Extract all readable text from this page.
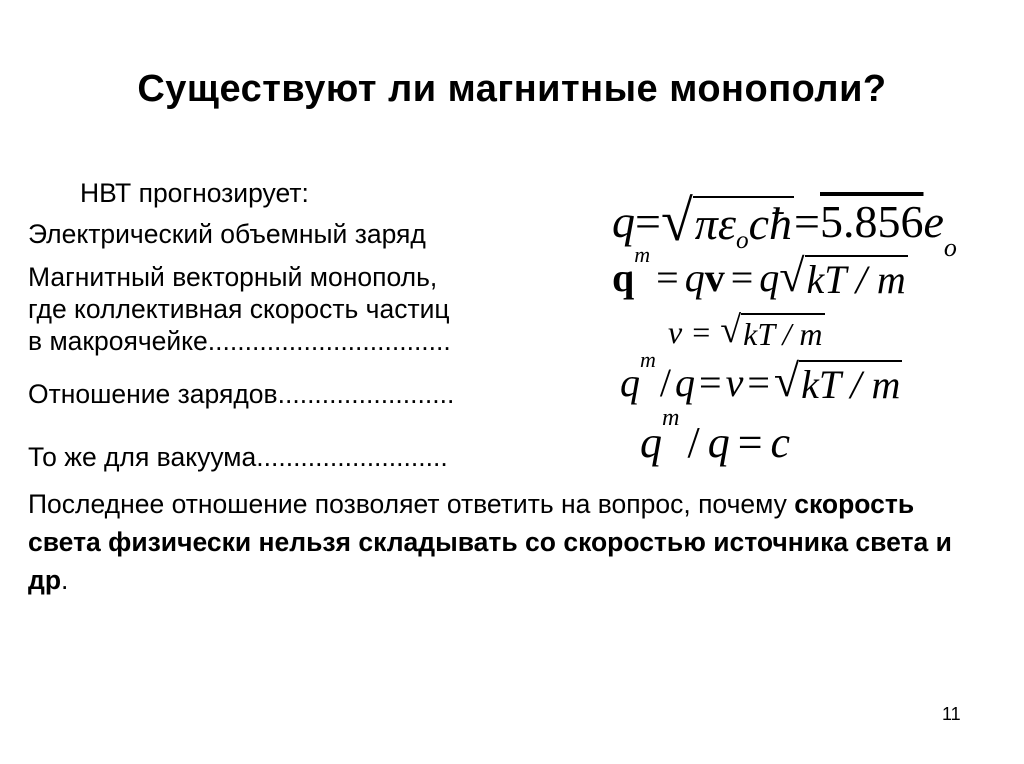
Существуют ли магнитные монополи?
НВТ прогнозирует:
Электрический объемный заряд
Магнитный векторный монополь,
где коллективная скорость частиц
в макроячейке.................................
Отношение зарядов........................
То же для вакуума..........................
Последнее отношение позволяет ответить на вопрос, почему скорость света физически нельзя складывать со скоростью источника света и др.
q = √ $\pi\varepsilon_ocħ = 5.856$ e
o
q
m
= q v = q √ kT / m
v = √ kT / m
q
m
/ q = v = √ kT / m
q
m
/ q = c
11
